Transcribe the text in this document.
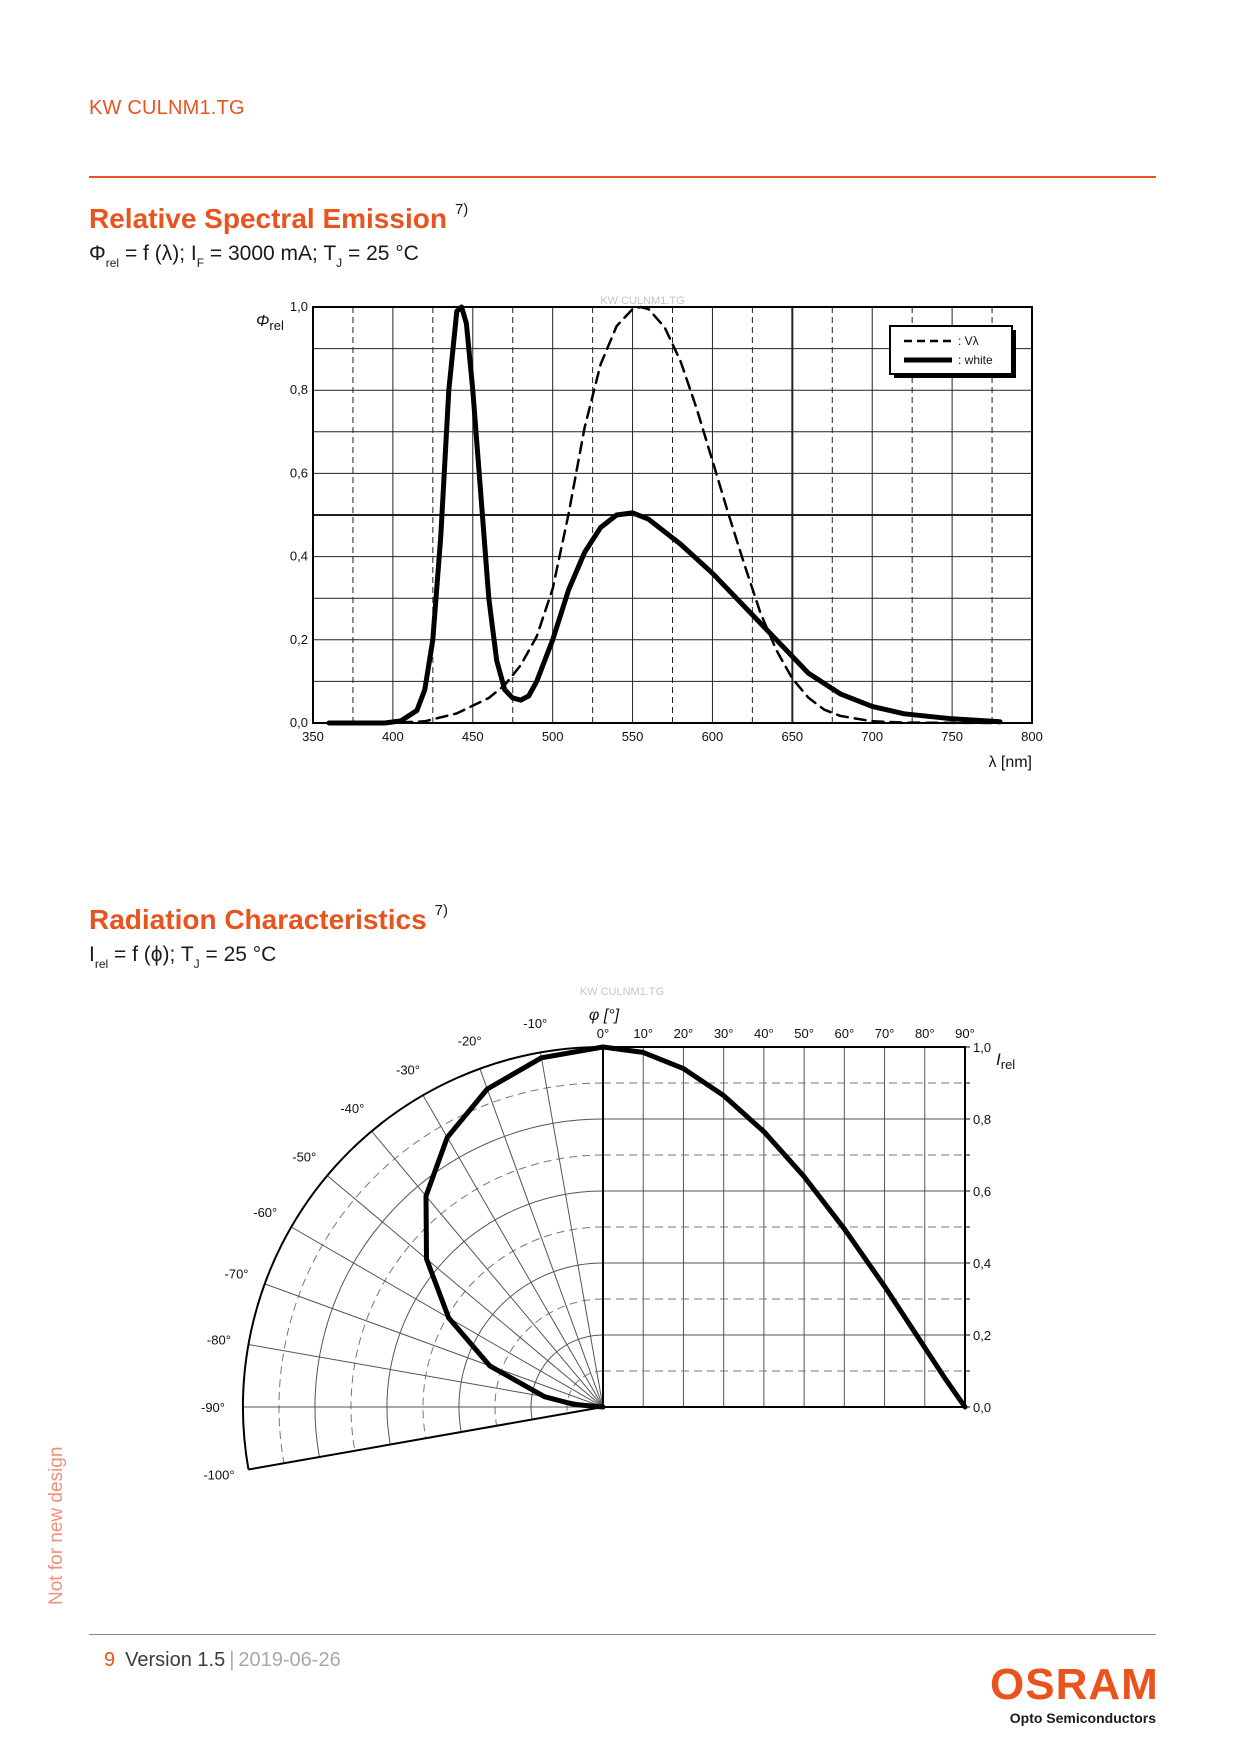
KW CULNM1.TG
Relative Spectral Emission $^{7)}$
$\Phi_{rel} = f$ (λ); $I_F = 3000$ mA; $T_J = 25$ °C
KW CULNM1.TG
350	400	450	500	550	600	650	700	750	800
0,0
0,2
0,4
0,6
0,8
1,0
λ [nm]
$\Phi_{rel}$
: Vλ
: white
Radiation Characteristics $^{7)}$
$I_{rel} = f$ (ϕ); $T_J = 25$ °C
KW CULNM1.TG
φ [°]
0° 10° 20° 30° 40° 50° 60° 70° 80° 90°
-10°
-20°
-30°
-40°
-50°
-60°
-70°
-80°
-90°
-100°
0,0
0,2
0,4
0,6
0,8
1,0
$I_{rel}$
Not for new design
9 Version 1.5 | 2019-06-26	OSRAM
Opto Semiconductors
